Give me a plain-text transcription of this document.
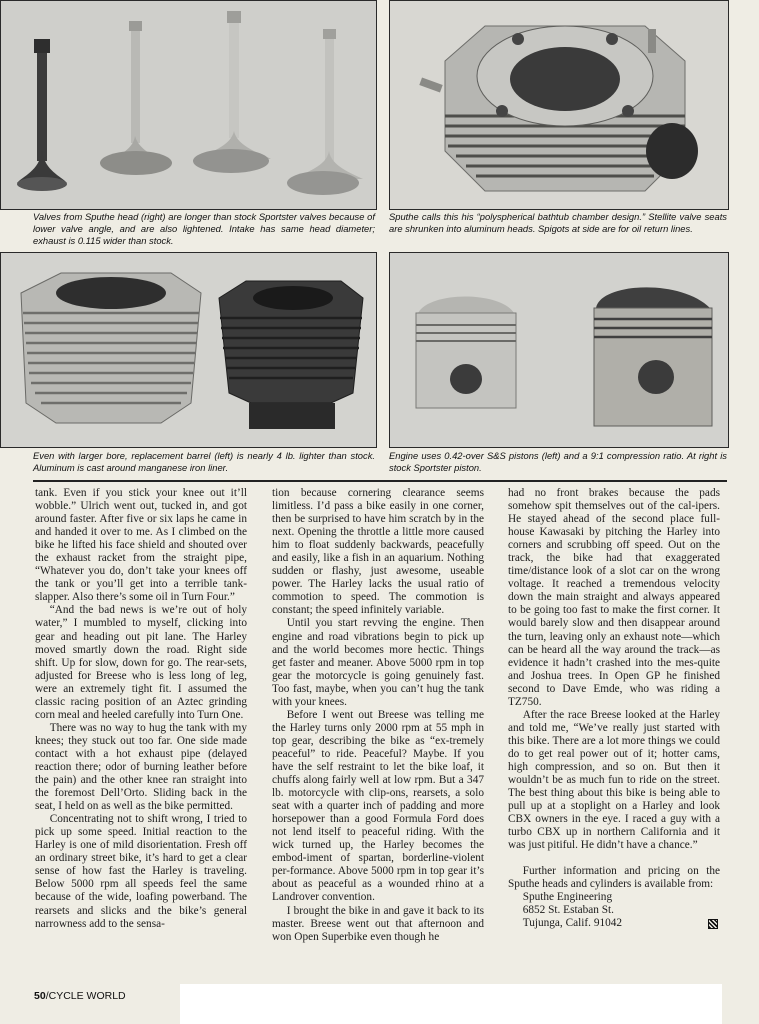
Valves from Sputhe head (right) are longer than stock Sportster valves because of lower valve angle, and are also lightened. Intake has same head diameter; exhaust is 0.115 wider than stock.

Sputhe calls this his “polyspherical bathtub chamber design.” Stellite valve seats are shrunken into aluminum heads. Spigots at side are for oil return lines.

Even with larger bore, replacement barrel (left) is nearly 4 lb. lighter than stock. Aluminum is cast around manganese iron liner.

Engine uses 0.42-over S&S pistons (left) and a 9:1 compression ratio. At right is stock Sportster piston.

tank. Even if you stick your knee out it’ll wobble.” Ulrich went out, tucked in, and got around faster. After five or six laps he came in and handed it over to me. As I climbed on the bike he lifted his face shield and shouted over the exhaust racket from the straight pipe, “Whatever you do, don’t take your knees off the tank or you’ll get into a terrible tank-slapper. Also there’s some oil in Turn Four.”

“And the bad news is we’re out of holy water,” I mumbled to myself, clicking into gear and heading out pit lane. The Harley moved smartly down the road. Right side shift. Up for slow, down for go. The rear-sets, adjusted for Breese who is less long of leg, were an extremely tight fit. I assumed the classic racing position of an Aztec grinding corn meal and heeled carefully into Turn One.

There was no way to hug the tank with my knees; they stuck out too far. One side made contact with a hot exhaust pipe (delayed reaction there; odor of burning leather before the pain) and the other knee ran straight into the foremost Dell’Orto. Sliding back in the seat, I held on as well as the bike permitted.

Concentrating not to shift wrong, I tried to pick up some speed. Initial reaction to the Harley is one of mild disorientation. Fresh off an ordinary street bike, it’s hard to get a clear sense of how fast the Harley is traveling. Below 5000 rpm all speeds feel the same because of the wide, loafing powerband. The rearsets and slicks and the bike’s general narrowness add to the sensa-

tion because cornering clearance seems limitless. I’d pass a bike easily in one corner, then be surprised to have him scratch by in the next. Opening the throttle a little more caused him to float suddenly backwards, peacefully and easily, like a fish in an aquarium. Nothing sudden or flashy, just awesome, useable power. The Harley lacks the usual ratio of commotion to speed. The commotion is constant; the speed infinitely variable.

Until you start revving the engine. Then engine and road vibrations begin to pick up and the world becomes more hectic. Things get faster and meaner. Above 5000 rpm in top gear the motorcycle is going genuinely fast. Too fast, maybe, when you can’t hug the tank with your knees.

Before I went out Breese was telling me the Harley turns only 2000 rpm at 55 mph in top gear, describing the bike as “ex-tremely peaceful” to ride. Peaceful? Maybe. If you have the self restraint to let the bike loaf, it chuffs along fairly well at low rpm. But a 347 lb. motorcycle with clip-ons, rearsets, a solo seat with a quarter inch of padding and more horsepower than a good Formula Ford does not lend itself to peaceful riding. With the wick turned up, the Harley becomes the embod-iment of spartan, borderline-violent per-formance. Above 5000 rpm in top gear it’s about as peaceful as a wounded rhino at a Landrover convention.

I brought the bike in and gave it back to its master. Breese went out that afternoon and won Open Superbike even though he

had no front brakes because the pads somehow spit themselves out of the cal-ipers. He stayed ahead of the second place full-house Kawasaki by pitching the Harley into corners and scrubbing off speed. Out on the track, the bike had that exaggerated time/distance look of a slot car on the wrong voltage. It reached a tremendous velocity down the main straight and always appeared to be going too fast to make the first corner. It would barely slow and then disappear around the turn, leaving only an exhaust note—which can be heard all the way around the track—as evidence it hadn’t crashed into the mes-quite and Joshua trees. In Open GP he finished second to Dave Emde, who was riding a TZ750.

After the race Breese looked at the Harley and told me, “We’ve really just started with this bike. There are a lot more things we could do to get real power out of it; hotter cams, high compression, and so on. But then it wouldn’t be as much fun to ride on the street. The best thing about this bike is being able to pull up at a stoplight on a Harley and look CBX owners in the eye. I raced a guy with a turbo CBX up in northern California and it was just pitiful. He didn’t have a chance.”

Further information and pricing on the Sputhe heads and cylinders is available from:

Sputhe Engineering

6852 St. Estaban St.

Tujunga, Calif. 91042

50/CYCLE WORLD
